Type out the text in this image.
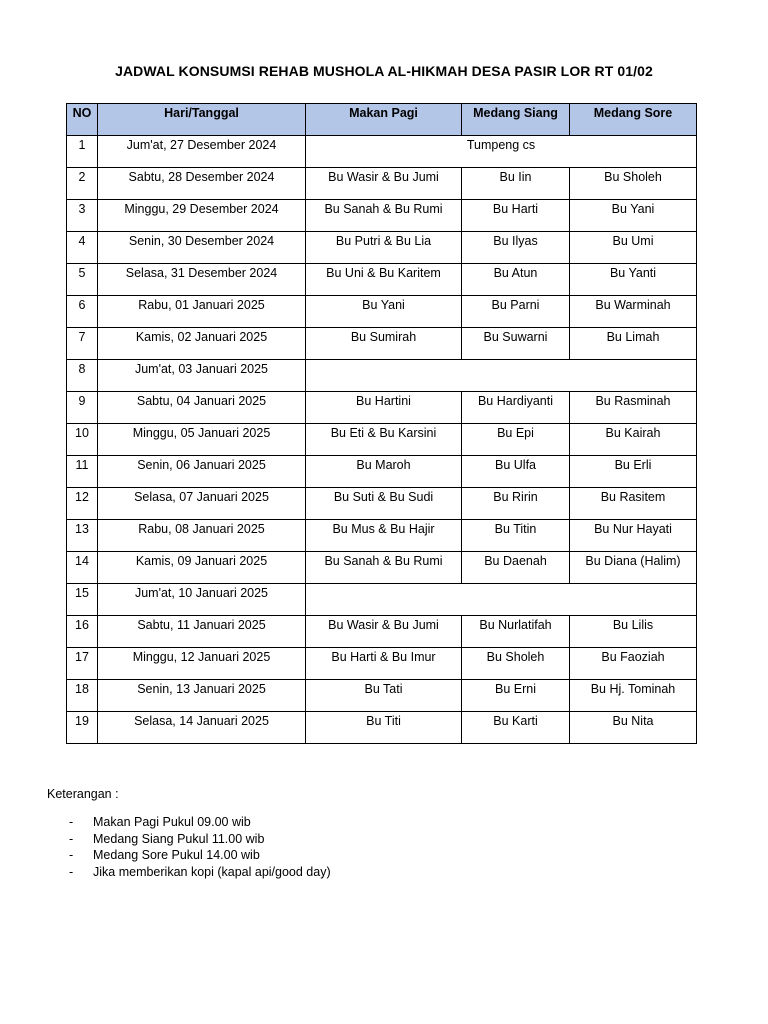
JADWAL KONSUMSI REHAB MUSHOLA AL-HIKMAH DESA PASIR LOR RT 01/02
NO	Hari/Tanggal	Makan Pagi	Medang Siang	Medang Sore
1	Jum'at, 27 Desember 2024	Tumpeng cs		
2	Sabtu, 28 Desember 2024	Bu Wasir & Bu Jumi	Bu Iin	Bu Sholeh
3	Minggu, 29 Desember 2024	Bu Sanah & Bu Rumi	Bu Harti	Bu Yani
4	Senin, 30 Desember 2024	Bu Putri & Bu Lia	Bu Ilyas	Bu Umi
5	Selasa, 31 Desember 2024	Bu Uni & Bu Karitem	Bu Atun	Bu Yanti
6	Rabu, 01 Januari 2025	Bu Yani	Bu Parni	Bu Warminah
7	Kamis, 02 Januari 2025	Bu Sumirah	Bu Suwarni	Bu Limah
8	Jum'at, 03 Januari 2025			
9	Sabtu, 04 Januari 2025	Bu Hartini	Bu Hardiyanti	Bu Rasminah
10	Minggu, 05 Januari 2025	Bu Eti & Bu Karsini	Bu Epi	Bu Kairah
11	Senin, 06 Januari 2025	Bu Maroh	Bu Ulfa	Bu Erli
12	Selasa, 07 Januari 2025	Bu Suti & Bu Sudi	Bu Ririn	Bu Rasitem
13	Rabu, 08 Januari 2025	Bu Mus & Bu Hajir	Bu Titin	Bu Nur Hayati
14	Kamis, 09 Januari 2025	Bu Sanah & Bu Rumi	Bu Daenah	Bu Diana (Halim)
15	Jum'at, 10 Januari 2025			
16	Sabtu, 11 Januari 2025	Bu Wasir & Bu Jumi	Bu Nurlatifah	Bu Lilis
17	Minggu, 12 Januari 2025	Bu Harti & Bu Imur	Bu Sholeh	Bu Faoziah
18	Senin, 13 Januari 2025	Bu Tati	Bu Erni	Bu Hj. Tominah
19	Selasa, 14 Januari 2025	Bu Titi	Bu Karti	Bu Nita
Keterangan :
- Makan Pagi Pukul 09.00 wib
- Medang Siang Pukul 11.00 wib
- Medang Sore Pukul 14.00 wib
- Jika memberikan kopi (kapal api/good day)
